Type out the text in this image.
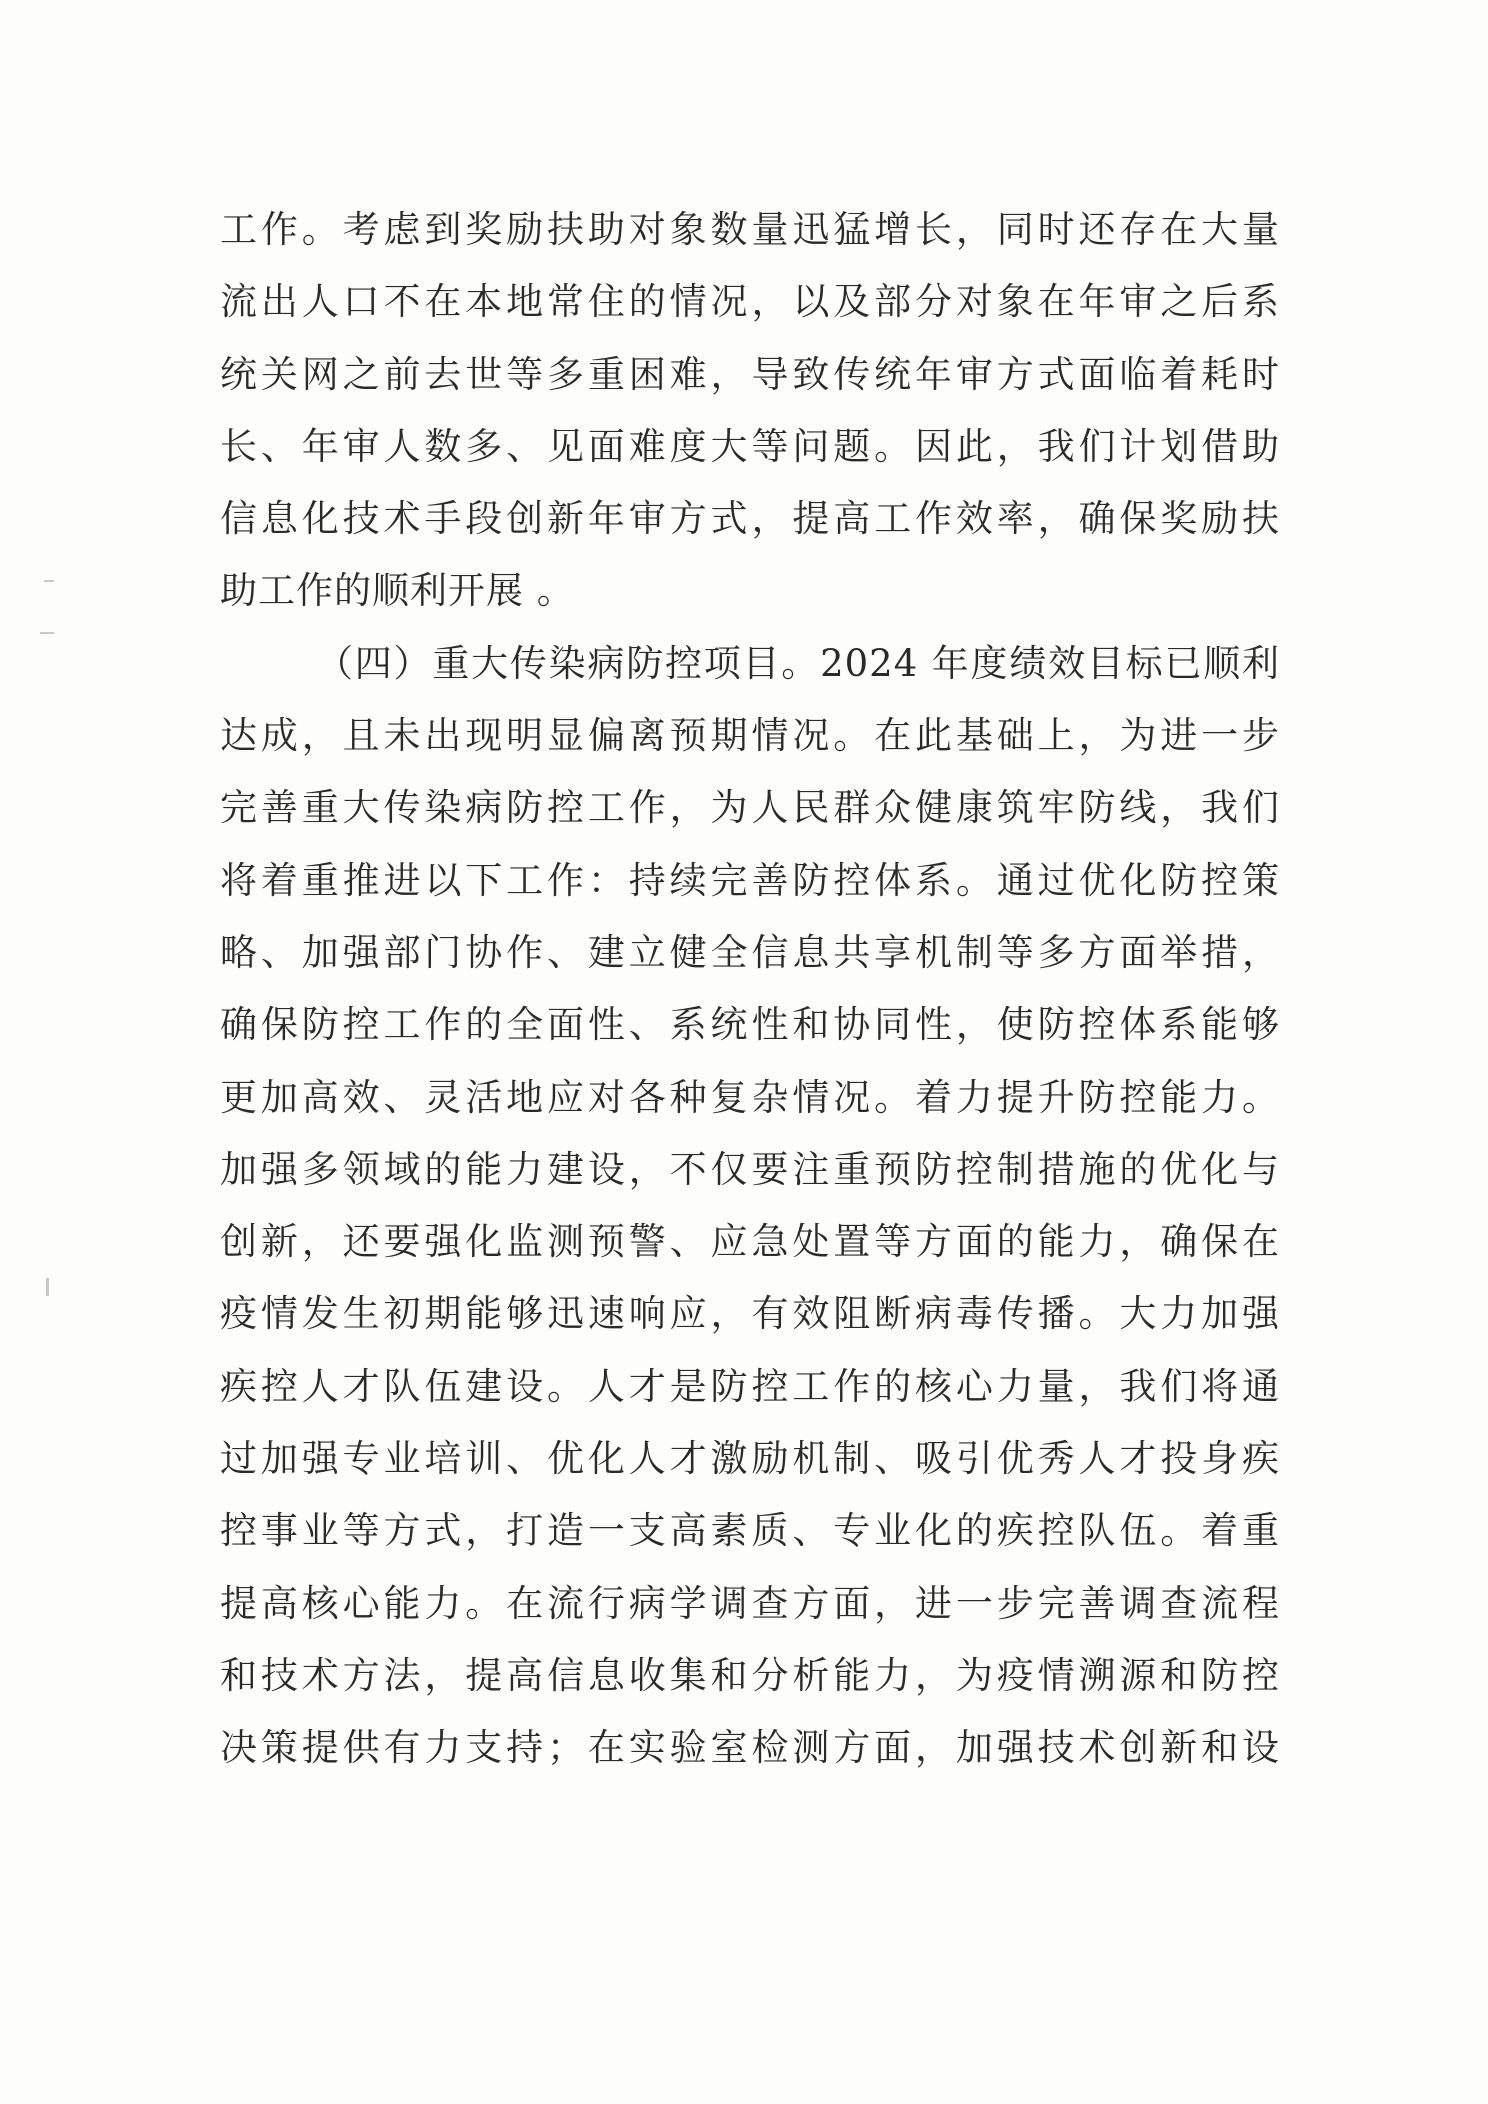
工作。考虑到奖励扶助对象数量迅猛增长，同时还存在大量
流出人口不在本地常住的情况，以及部分对象在年审之后系
统关网之前去世等多重困难，导致传统年审方式面临着耗时
长、年审人数多、见面难度大等问题。因此，我们计划借助
信息化技术手段创新年审方式，提高工作效率，确保奖励扶
助工作的顺利开展 。
（四）重大传染病防控项目。2024 年度绩效目标已顺利
达成，且未出现明显偏离预期情况。在此基础上，为进一步
完善重大传染病防控工作，为人民群众健康筑牢防线，我们
将着重推进以下工作：持续完善防控体系。通过优化防控策
略、加强部门协作、建立健全信息共享机制等多方面举措，
确保防控工作的全面性、系统性和协同性，使防控体系能够
更加高效、灵活地应对各种复杂情况。着力提升防控能力。
加强多领域的能力建设，不仅要注重预防控制措施的优化与
创新，还要强化监测预警、应急处置等方面的能力，确保在
疫情发生初期能够迅速响应，有效阻断病毒传播。大力加强
疾控人才队伍建设。人才是防控工作的核心力量，我们将通
过加强专业培训、优化人才激励机制、吸引优秀人才投身疾
控事业等方式，打造一支高素质、专业化的疾控队伍。着重
提高核心能力。在流行病学调查方面，进一步完善调查流程
和技术方法，提高信息收集和分析能力，为疫情溯源和防控
决策提供有力支持；在实验室检测方面，加强技术创新和设
